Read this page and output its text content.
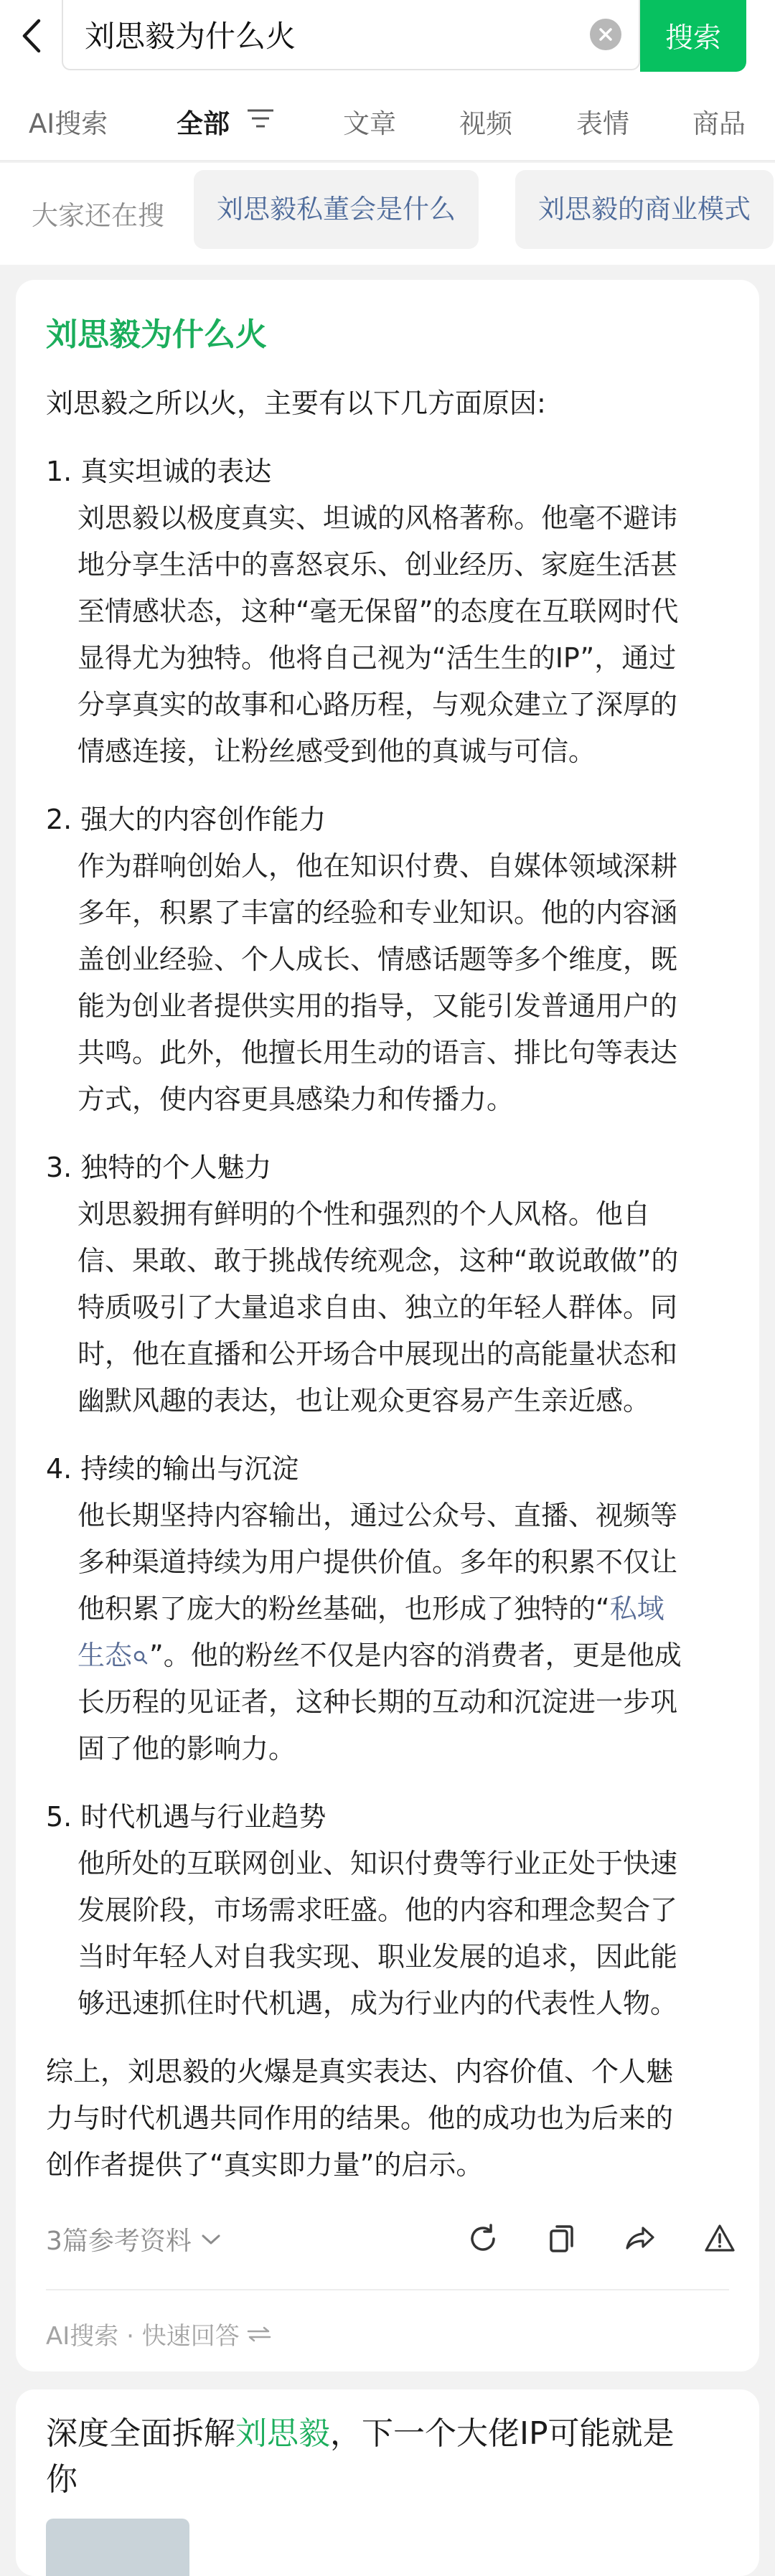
刘思毅为什么火
搜索
AI搜索	全部	文章 视频 表情 商品
大家还在搜	刘思毅私董会是什么	刘思毅的商业模式
刘思毅为什么火
刘思毅之所以火，主要有以下几方面原因:
1. 真实坦诚的表达
刘思毅以极度真实、坦诚的风格著称。他毫不避讳
地分享生活中的喜怒哀乐、创业经历、家庭生活甚
至情感状态，这种“毫无保留”的态度在互联网时代
显得尤为独特。他将自己视为“活生生的IP”，通过
分享真实的故事和心路历程，与观众建立了深厚的
情感连接，让粉丝感受到他的真诚与可信。
2. 强大的内容创作能力
作为群响创始人，他在知识付费、自媒体领域深耕
多年，积累了丰富的经验和专业知识。他的内容涵
盖创业经验、个人成长、情感话题等多个维度，既
能为创业者提供实用的指导，又能引发普通用户的
共鸣。此外，他擅长用生动的语言、排比句等表达
方式，使内容更具感染力和传播力。
3. 独特的个人魅力
刘思毅拥有鲜明的个性和强烈的个人风格。他自
信、果敢、敢于挑战传统观念，这种“敢说敢做”的
特质吸引了大量追求自由、独立的年轻人群体。同
时，他在直播和公开场合中展现出的高能量状态和
幽默风趣的表达，也让观众更容易产生亲近感。
4. 持续的输出与沉淀
他长期坚持内容输出，通过公众号、直播、视频等
多种渠道持续为用户提供价值。多年的积累不仅让
他积累了庞大的粉丝基础，也形成了独特的“私域
生态 ”。他的粉丝不仅是内容的消费者，更是他成
长历程的见证者，这种长期的互动和沉淀进一步巩
固了他的影响力。
5. 时代机遇与行业趋势
他所处的互联网创业、知识付费等行业正处于快速
发展阶段，市场需求旺盛。他的内容和理念契合了
当时年轻人对自我实现、职业发展的追求，因此能
够迅速抓住时代机遇，成为行业内的代表性人物。
综上，刘思毅的火爆是真实表达、内容价值、个人魅
力与时代机遇共同作用的结果。他的成功也为后来的
创作者提供了“真实即力量”的启示。
3篇参考资料
AI搜索 · 快速回答
深度全面拆解刘思毅，下一个大佬IP可能就是
你
